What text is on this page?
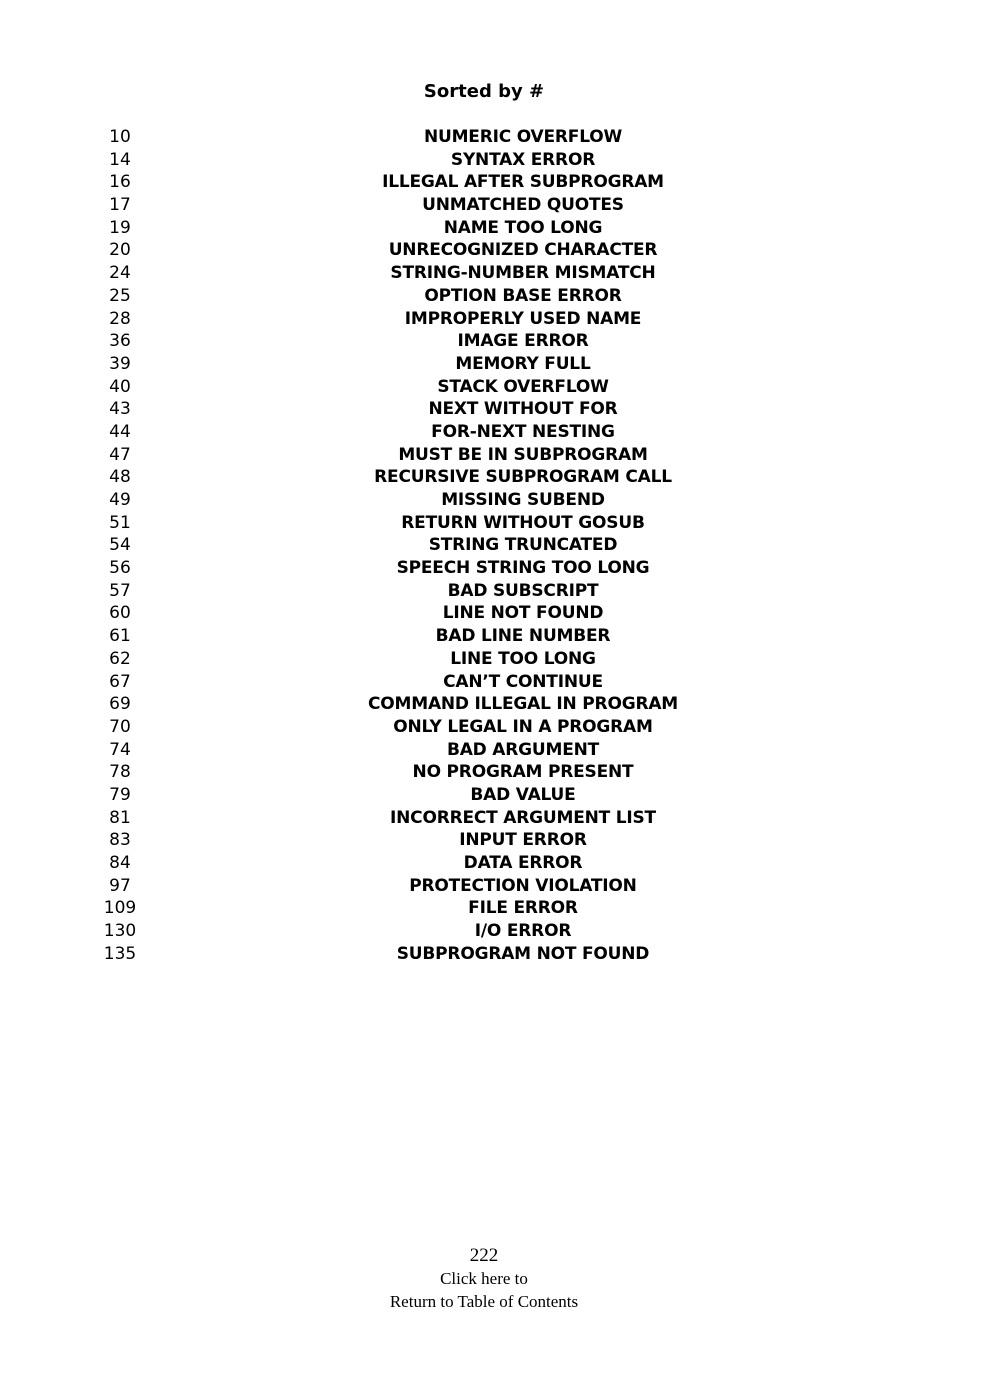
Sorted by #
10	NUMERIC OVERFLOW
14	SYNTAX ERROR
16	ILLEGAL AFTER SUBPROGRAM
17	UNMATCHED QUOTES
19	NAME TOO LONG
20	UNRECOGNIZED CHARACTER
24	STRING-NUMBER MISMATCH
25	OPTION BASE ERROR
28	IMPROPERLY USED NAME
36	IMAGE ERROR
39	MEMORY FULL
40	STACK OVERFLOW
43	NEXT WITHOUT FOR
44	FOR-NEXT NESTING
47	MUST BE IN SUBPROGRAM
48	RECURSIVE SUBPROGRAM CALL
49	MISSING SUBEND
51	RETURN WITHOUT GOSUB
54	STRING TRUNCATED
56	SPEECH STRING TOO LONG
57	BAD SUBSCRIPT
60	LINE NOT FOUND
61	BAD LINE NUMBER
62	LINE TOO LONG
67	CAN’T CONTINUE
69	COMMAND ILLEGAL IN PROGRAM
70	ONLY LEGAL IN A PROGRAM
74	BAD ARGUMENT
78	NO PROGRAM PRESENT
79	BAD VALUE
81	INCORRECT ARGUMENT LIST
83	INPUT ERROR
84	DATA ERROR
97	PROTECTION VIOLATION
109	FILE ERROR
130	I/O ERROR
135	SUBPROGRAM NOT FOUND
222
Click here to
Return to Table of Contents
